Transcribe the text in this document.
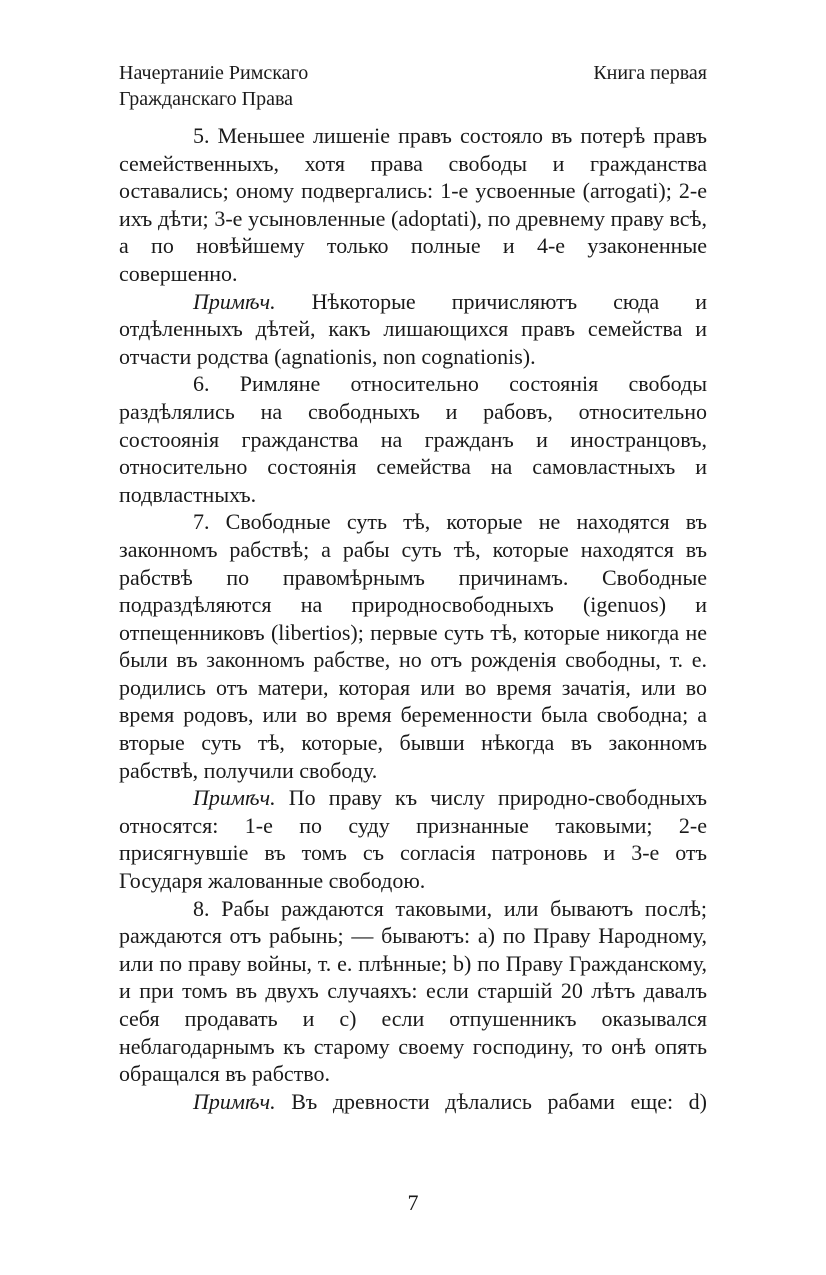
Начертаниіе Римскаго
Гражданскаго Права
Книга первая

5. Меньшее лишеніе правъ состояло въ потерѣ правъ семейственныхъ, хотя права свободы и гражданства оставались; оному подвергались: 1-е усвоенные (arrogati); 2-е ихъ дѣти; 3-е усыновленные (adoptati), по древнему праву всѣ, а по новѣйшему только полные и 4-е узаконенные совершенно.

Примѣч. Нѣкоторые причисляютъ сюда и отдѣленныхъ дѣтей, какъ лишающихся правъ семейства и отчасти родства (agnationis, non cognationis).

6. Римляне относительно состоянія свободы раздѣлялись на свободныхъ и рабовъ, относительно состооянія гражданства на гражданъ и иностранцовъ, относительно состоянія семейства на самовластныхъ и подвластныхъ.

7. Свободные суть тѣ, которые не находятся въ законномъ рабствѣ; а рабы суть тѣ, которые находятся въ рабствѣ по правомѣрнымъ причинамъ. Свободные подраздѣляются на природносвободныхъ (igenuos) и отпещенниковъ (libertios); первые суть тѣ, которые никогда не были въ законномъ рабстве, но отъ рожденія свободны, т. е. родились отъ матери, которая или во время зачатія, или во время родовъ, или во время беременности была свободна; а вторые суть тѣ, которые, бывши нѣкогда въ законномъ рабствѣ, получили свободу.

Примѣч. По праву къ числу природно-свободныхъ относятся: 1-е по суду признанные таковыми; 2-е присягнувшіе въ томъ съ согласія патроновь и 3-е отъ Государя жалованные свободою.

8. Рабы раждаются таковыми, или бываютъ послѣ; раждаются отъ рабынь; — бываютъ: a) по Праву Народному, или по праву войны, т. е. плѣнные; b) по Праву Гражданскому, и при томъ въ двухъ случаяхъ: если старшій 20 лѣтъ давалъ себя продавать и c) если отпушенникъ оказывался неблагодарнымъ къ старому своему господину, то онѣ опять обращался въ рабство.

Примѣч. Въ древности дѣлались рабами еще: d)

7
